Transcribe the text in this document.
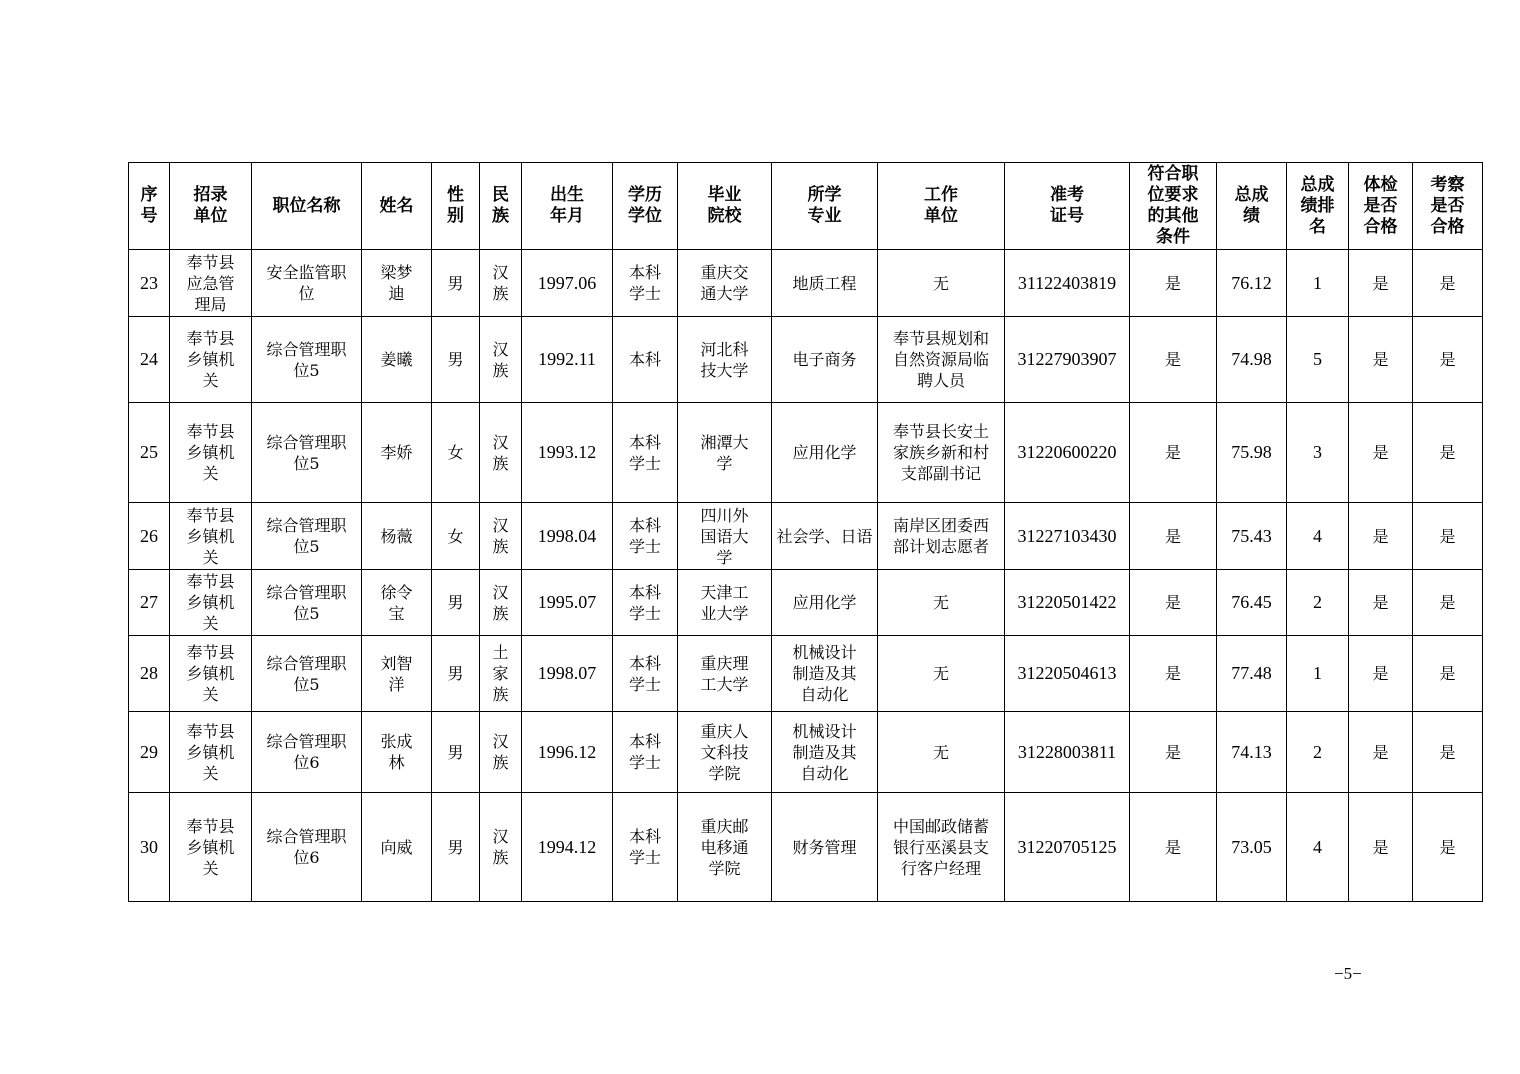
序号	招录单位	职位名称	姓名	性别	民族	出生年月	学历学位	毕业院校	所学专业	工作单位	准考证号	符合职位要求的其他条件	总成绩	总成绩排名	体检是否合格	考察是否合格
23	奉节县应急管理局	安全监管职位	梁梦迪	男	汉族	1997.06	本科学士	重庆交通大学	地质工程	无	31122403819	是	76.12	1	是	是
24	奉节县乡镇机关	综合管理职位5	姜曦	男	汉族	1992.11	本科	河北科技大学	电子商务	奉节县规划和自然资源局临聘人员	31227903907	是	74.98	5	是	是
25	奉节县乡镇机关	综合管理职位5	李娇	女	汉族	1993.12	本科学士	湘潭大学	应用化学	奉节县长安土家族乡新和村支部副书记	31220600220	是	75.98	3	是	是
26	奉节县乡镇机关	综合管理职位5	杨薇	女	汉族	1998.04	本科学士	四川外国语大学	社会学、日语	南岸区团委西部计划志愿者	31227103430	是	75.43	4	是	是
27	奉节县乡镇机关	综合管理职位5	徐令宝	男	汉族	1995.07	本科学士	天津工业大学	应用化学	无	31220501422	是	76.45	2	是	是
28	奉节县乡镇机关	综合管理职位5	刘智洋	男	土家族	1998.07	本科学士	重庆理工大学	机械设计制造及其自动化	无	31220504613	是	77.48	1	是	是
29	奉节县乡镇机关	综合管理职位6	张成林	男	汉族	1996.12	本科学士	重庆人文科技学院	机械设计制造及其自动化	无	31228003811	是	74.13	2	是	是
30	奉节县乡镇机关	综合管理职位6	向威	男	汉族	1994.12	本科学士	重庆邮电移通学院	财务管理	中国邮政储蓄银行巫溪县支行客户经理	31220705125	是	73.05	4	是	是
−5−
